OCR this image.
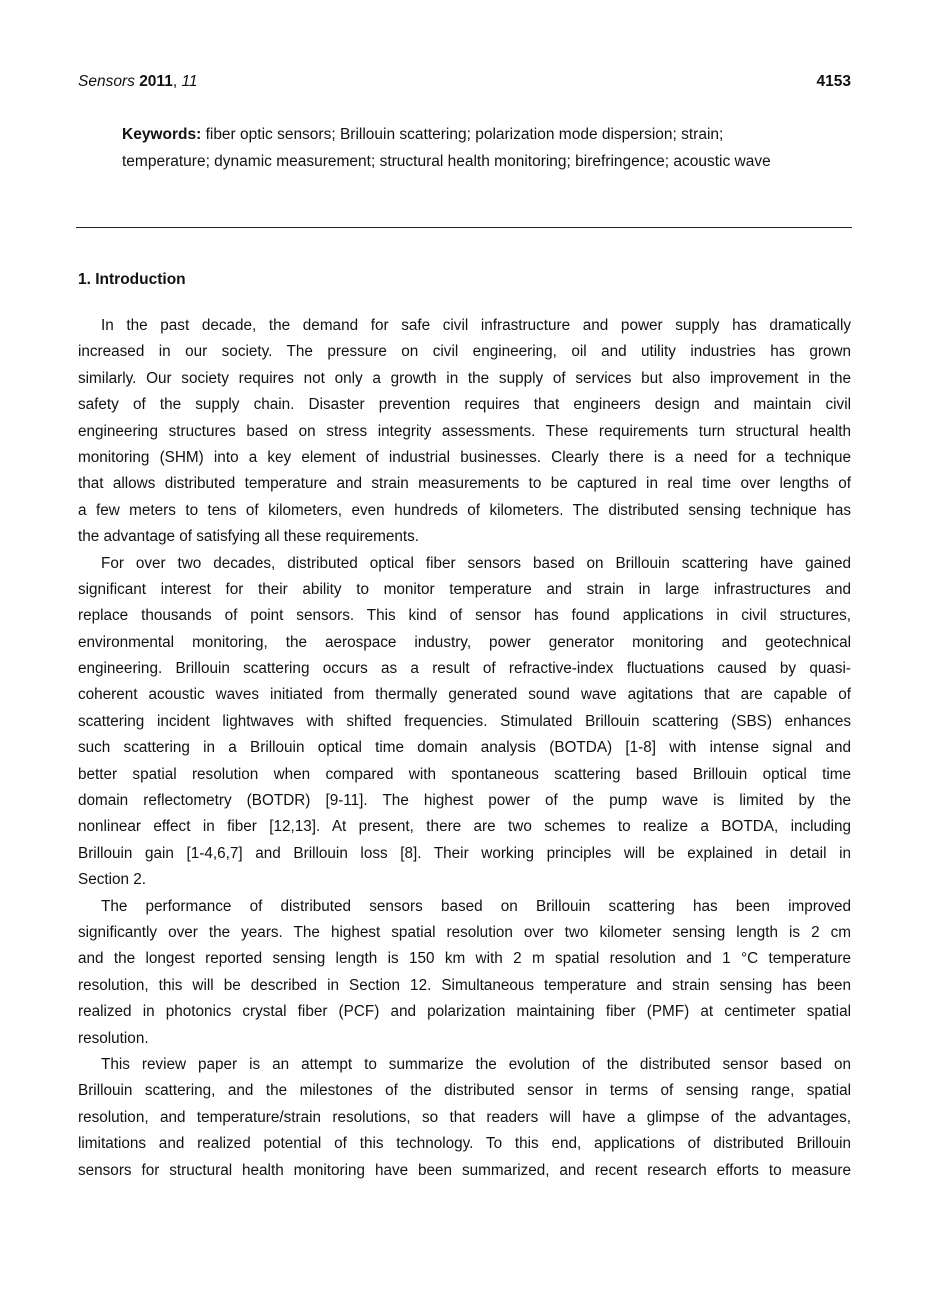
Sensors 2011, 11	4153
Keywords: fiber optic sensors; Brillouin scattering; polarization mode dispersion; strain; temperature; dynamic measurement; structural health monitoring; birefringence; acoustic wave
1. Introduction
In the past decade, the demand for safe civil infrastructure and power supply has dramatically
increased in our society. The pressure on civil engineering, oil and utility industries has grown
similarly. Our society requires not only a growth in the supply of services but also improvement in the
safety of the supply chain. Disaster prevention requires that engineers design and maintain civil
engineering structures based on stress integrity assessments. These requirements turn structural health
monitoring (SHM) into a key element of industrial businesses. Clearly there is a need for a technique
that allows distributed temperature and strain measurements to be captured in real time over lengths of
a few meters to tens of kilometers, even hundreds of kilometers. The distributed sensing technique has
the advantage of satisfying all these requirements.
For over two decades, distributed optical fiber sensors based on Brillouin scattering have gained
significant interest for their ability to monitor temperature and strain in large infrastructures and
replace thousands of point sensors. This kind of sensor has found applications in civil structures,
environmental monitoring, the aerospace industry, power generator monitoring and geotechnical
engineering. Brillouin scattering occurs as a result of refractive-index fluctuations caused by quasi-
coherent acoustic waves initiated from thermally generated sound wave agitations that are capable of
scattering incident lightwaves with shifted frequencies. Stimulated Brillouin scattering (SBS) enhances
such scattering in a Brillouin optical time domain analysis (BOTDA) [1-8] with intense signal and
better spatial resolution when compared with spontaneous scattering based Brillouin optical time
domain reflectometry (BOTDR) [9-11]. The highest power of the pump wave is limited by the
nonlinear effect in fiber [12,13]. At present, there are two schemes to realize a BOTDA, including
Brillouin gain [1-4,6,7] and Brillouin loss [8]. Their working principles will be explained in detail in
Section 2.
The performance of distributed sensors based on Brillouin scattering has been improved
significantly over the years. The highest spatial resolution over two kilometer sensing length is 2 cm
and the longest reported sensing length is 150 km with 2 m spatial resolution and 1 °C temperature
resolution, this will be described in Section 12. Simultaneous temperature and strain sensing has been
realized in photonics crystal fiber (PCF) and polarization maintaining fiber (PMF) at centimeter spatial
resolution.
This review paper is an attempt to summarize the evolution of the distributed sensor based on
Brillouin scattering, and the milestones of the distributed sensor in terms of sensing range, spatial
resolution, and temperature/strain resolutions, so that readers will have a glimpse of the advantages,
limitations and realized potential of this technology. To this end, applications of distributed Brillouin
sensors for structural health monitoring have been summarized, and recent research efforts to measure
